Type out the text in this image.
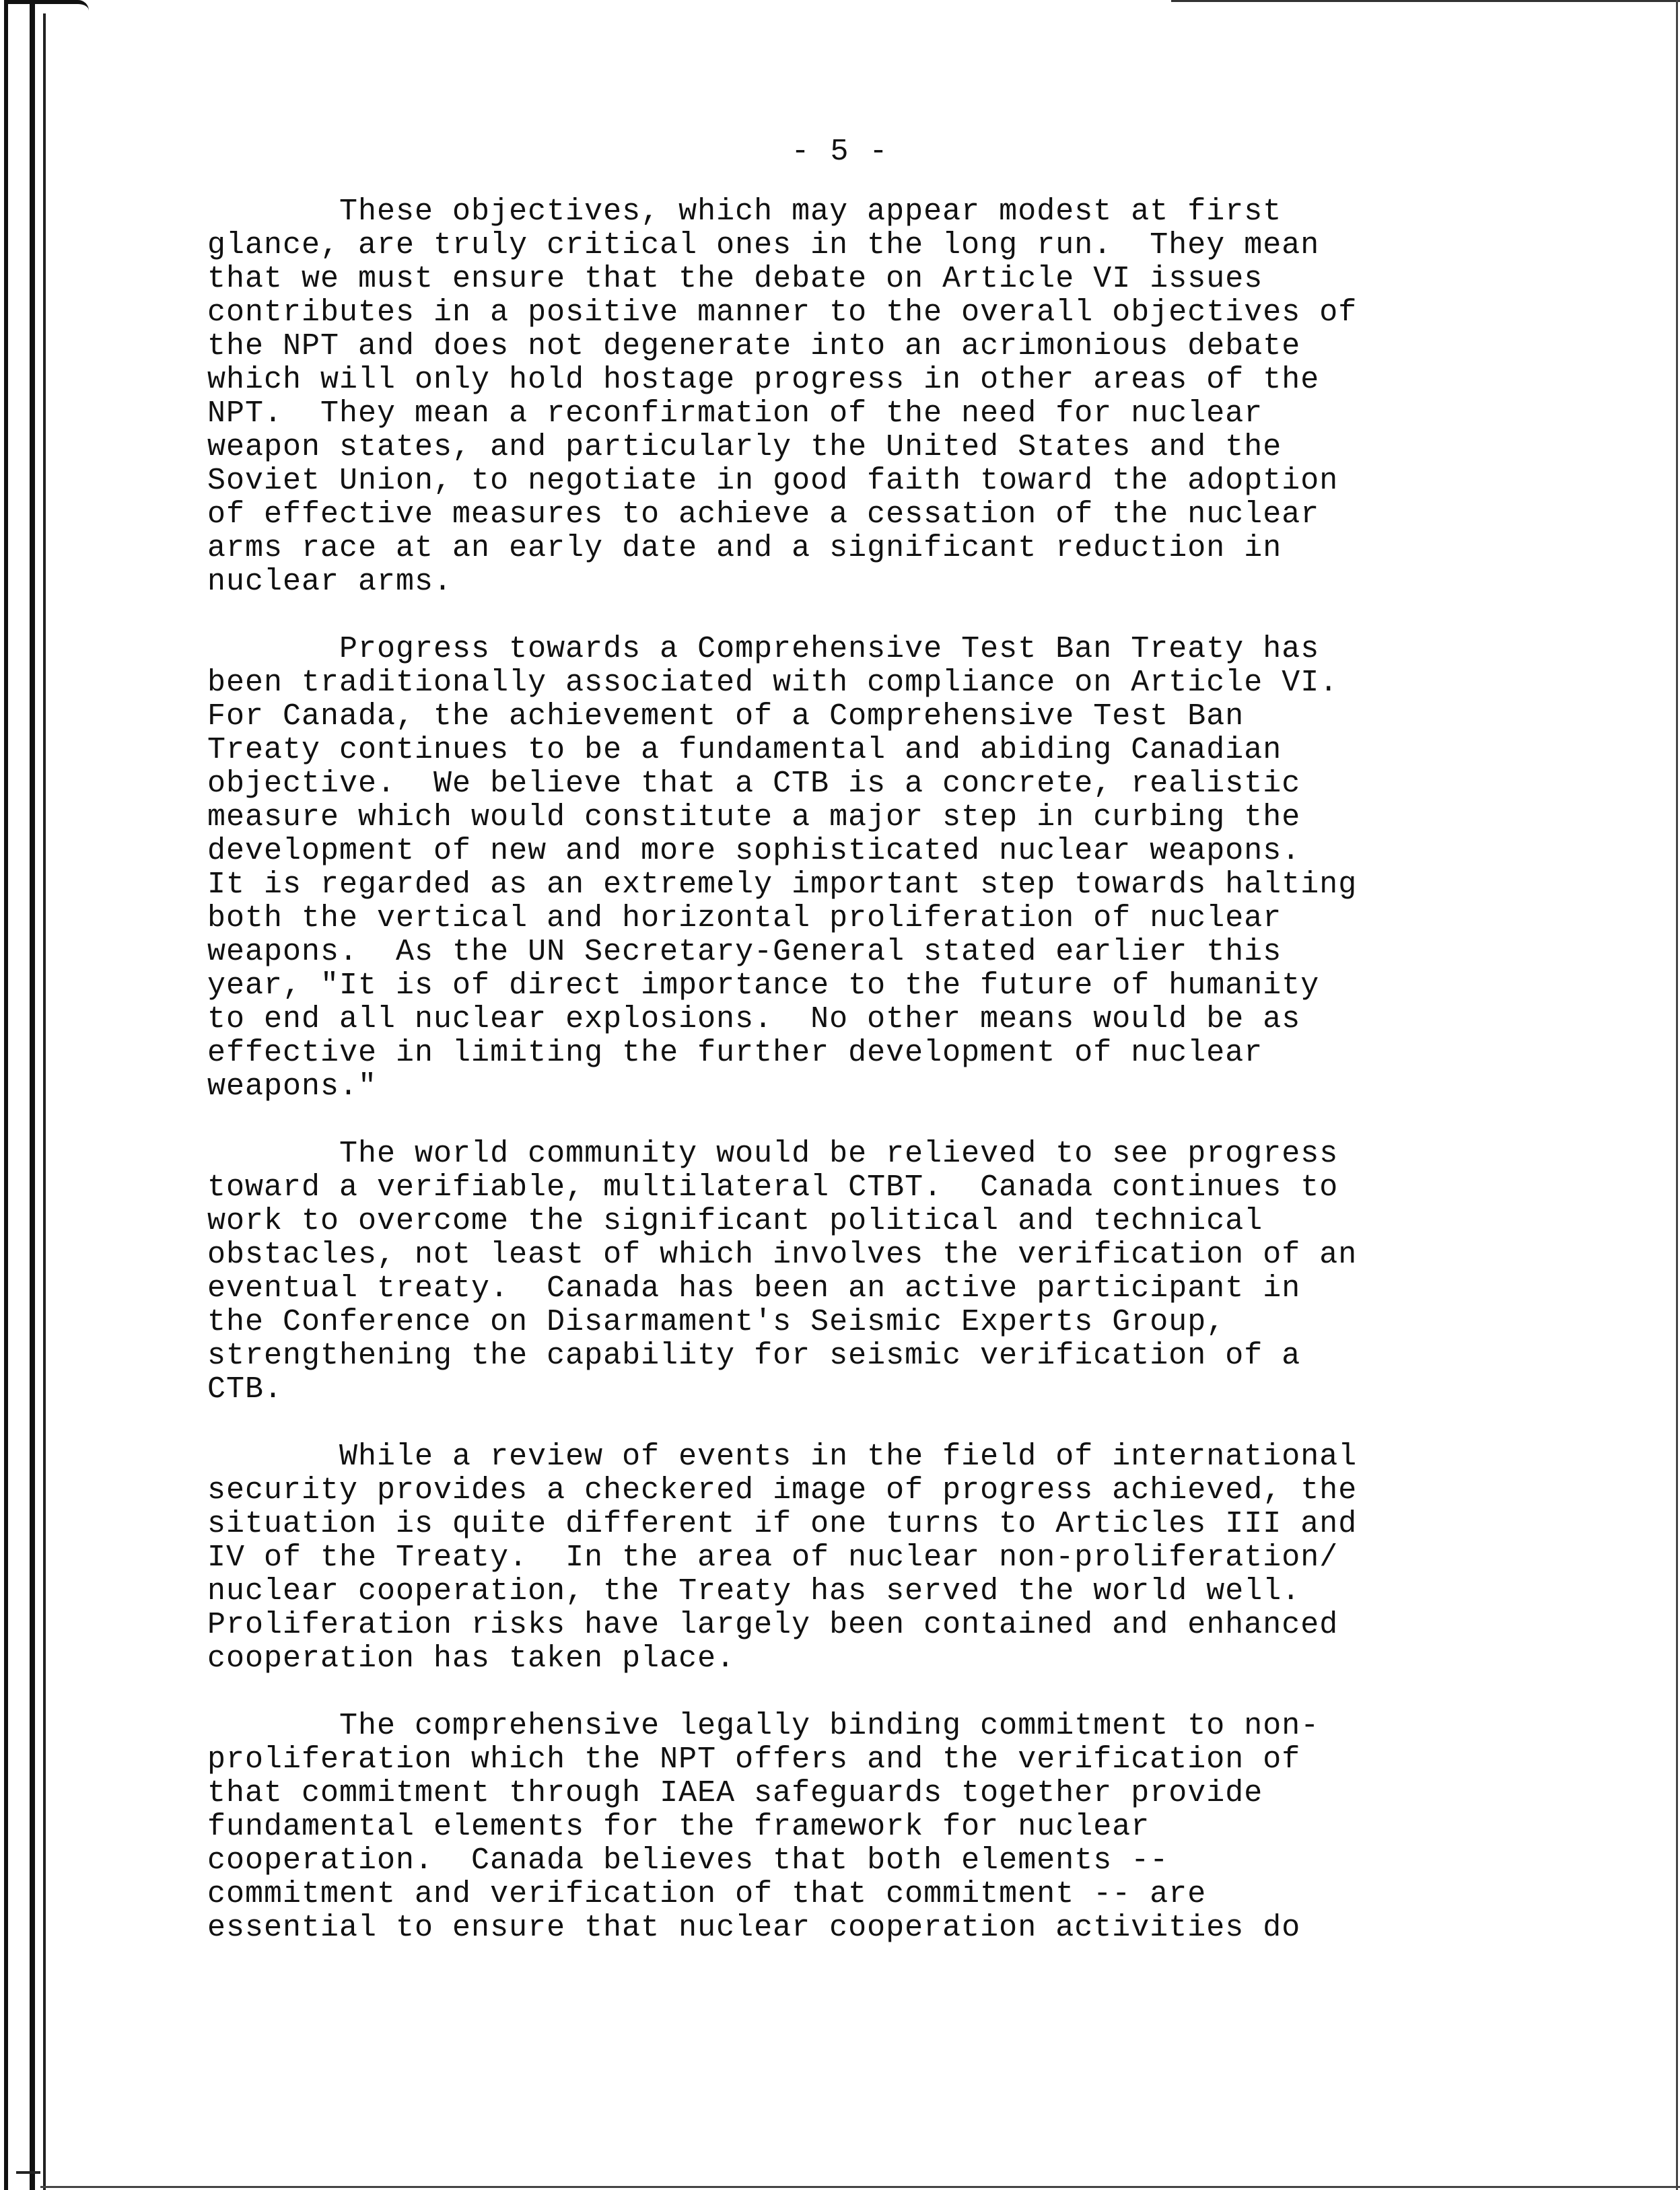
- 5 -
These objectives, which may appear modest at first
glance, are truly critical ones in the long run.  They mean
that we must ensure that the debate on Article VI issues
contributes in a positive manner to the overall objectives of
the NPT and does not degenerate into an acrimonious debate
which will only hold hostage progress in other areas of the
NPT.  They mean a reconfirmation of the need for nuclear
weapon states, and particularly the United States and the
Soviet Union, to negotiate in good faith toward the adoption
of effective measures to achieve a cessation of the nuclear
arms race at an early date and a significant reduction in
nuclear arms.
Progress towards a Comprehensive Test Ban Treaty has
been traditionally associated with compliance on Article VI.
For Canada, the achievement of a Comprehensive Test Ban
Treaty continues to be a fundamental and abiding Canadian
objective.  We believe that a CTB is a concrete, realistic
measure which would constitute a major step in curbing the
development of new and more sophisticated nuclear weapons.
It is regarded as an extremely important step towards halting
both the vertical and horizontal proliferation of nuclear
weapons.  As the UN Secretary-General stated earlier this
year, "It is of direct importance to the future of humanity
to end all nuclear explosions.  No other means would be as
effective in limiting the further development of nuclear
weapons."
The world community would be relieved to see progress
toward a verifiable, multilateral CTBT.  Canada continues to
work to overcome the significant political and technical
obstacles, not least of which involves the verification of an
eventual treaty.  Canada has been an active participant in
the Conference on Disarmament's Seismic Experts Group,
strengthening the capability for seismic verification of a
CTB.
While a review of events in the field of international
security provides a checkered image of progress achieved, the
situation is quite different if one turns to Articles III and
IV of the Treaty.  In the area of nuclear non-proliferation/
nuclear cooperation, the Treaty has served the world well.
Proliferation risks have largely been contained and enhanced
cooperation has taken place.
The comprehensive legally binding commitment to non-
proliferation which the NPT offers and the verification of
that commitment through IAEA safeguards together provide
fundamental elements for the framework for nuclear
cooperation.  Canada believes that both elements --
commitment and verification of that commitment -- are
essential to ensure that nuclear cooperation activities do
